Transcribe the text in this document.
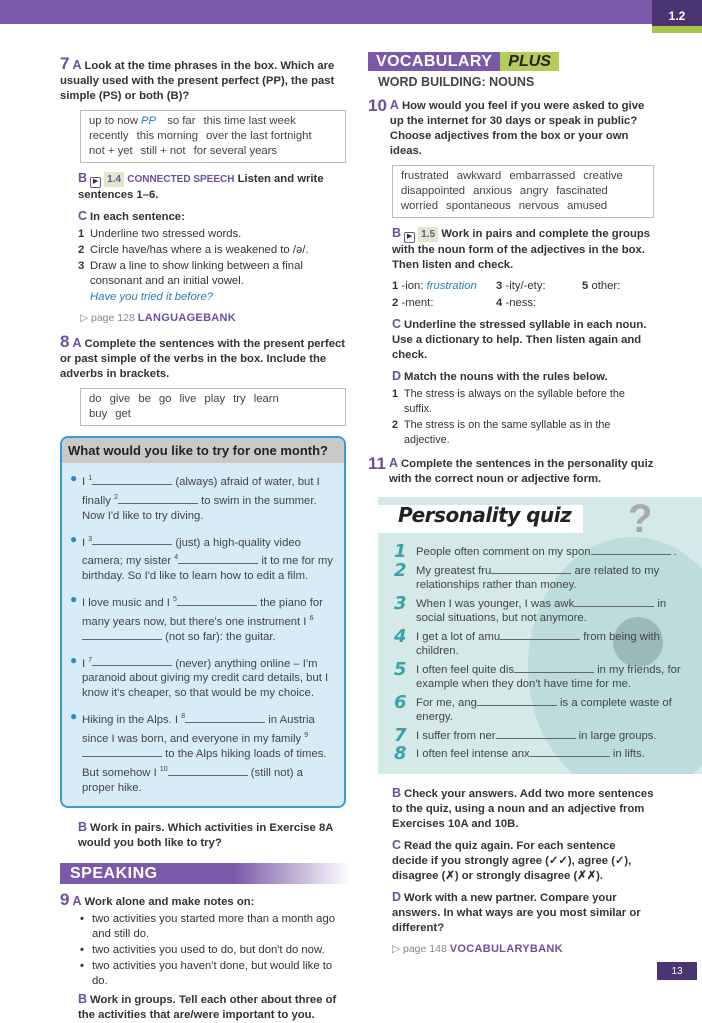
1.2
7 A Look at the time phrases in the box. Which are usually used with the present perfect (PP), the past simple (PS) or both (B)?
up to now PP so far this time last week
recently this morning over the last fortnight
not + yet still + not for several years
B ▶ 1.4 CONNECTED SPEECH Listen and write sentences 1–6.
C In each sentence:
1 Underline two stressed words.
2 Circle have/has where a is weakened to /ə/.
3 Draw a line to show linking between a final consonant and an initial vowel.
Have you tried it before?
▷ page 128 LANGUAGEBANK
8 A Complete the sentences with the present perfect or past simple of the verbs in the box. Include the adverbs in brackets.
do give be go live play try learn
buy get
What would you like to try for one month?
● I $^1$	(always) afraid of water, but I finally $^2$	to swim in the summer. Now I'd like to try diving.
● I $^3$	(just) a high-quality video camera; my sister $^4$	it to me for my birthday. So I'd like to learn how to edit a film.
● I love music and I $^5$	the piano for many years now, but there's one instrument I $^6$ (not so far): the guitar.
● I $^7$	(never) anything online – I'm paranoid about giving my credit card details, but I know it's cheaper, so that would be my choice.
● Hiking in the Alps. I $^8$	in Austria since I was born, and everyone in my family $^9$ to the Alps hiking loads of times. But somehow I $^{10}$	(still not) a proper hike.
B Work in pairs. Which activities in Exercise 8A would you both like to try?
SPEAKING
9 A Work alone and make notes on:
• two activities you started more than a month ago and still do.
• two activities you used to do, but don't do now.
• two activities you haven't done, but would like to do.
B Work in groups. Tell each other about three of the activities that are/were important to you.
VOCABULARY PLUS
WORD BUILDING: NOUNS
10 A How would you feel if you were asked to give up the internet for 30 days or speak in public? Choose adjectives from the box or your own ideas.
frustrated awkward embarrassed creative
disappointed anxious angry fascinated
worried spontaneous nervous amused
B ▶ 1.5 Work in pairs and complete the groups with the noun form of the adjectives in the box. Then listen and check.
1 -ion: frustration	3 -ity/-ety:	5 other:
2 -ment:	4 -ness:
C Underline the stressed syllable in each noun. Use a dictionary to help. Then listen again and check.
D Match the nouns with the rules below.
1 The stress is always on the syllable before the suffix.
2 The stress is on the same syllable as in the adjective.
11 A Complete the sentences in the personality quiz with the correct noun or adjective form.
Personality quiz ?
1 People often comment on my spon	.
2 My greatest fru	are related to my relationships rather than money.
3 When I was younger, I was awk	in social situations, but not anymore.
4 I get a lot of amu	from being with children.
5 I often feel quite dis	in my friends, for example when they don't have time for me.
6 For me, ang	is a complete waste of energy.
7 I suffer from ner	in large groups.
8 I often feel intense anx	in lifts.
B Check your answers. Add two more sentences to the quiz, using a noun and an adjective from Exercises 10A and 10B.
C Read the quiz again. For each sentence decide if you strongly agree (✓✓), agree (✓), disagree (✗) or strongly disagree (✗✗).
D Work with a new partner. Compare your answers. In what ways are you most similar or different?
▷ page 148 VOCABULARYBANK
13
